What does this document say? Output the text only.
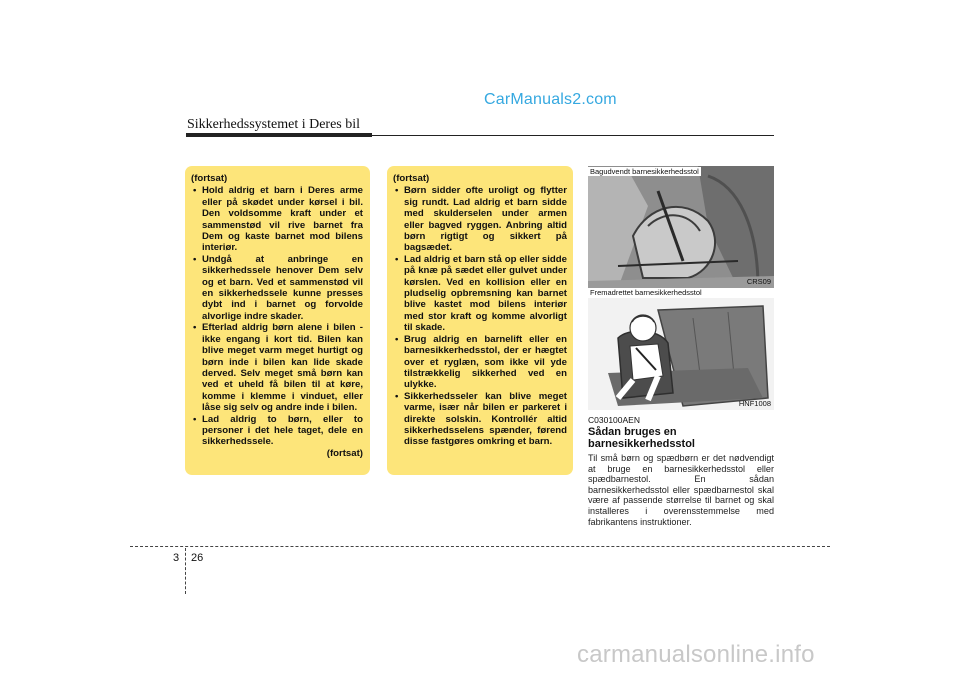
CarManuals2.com
Sikkerhedssystemet i Deres bil
(fortsat)
• Hold aldrig et barn i Deres arme eller på skødet under kørsel i bil. Den voldsomme kraft under et sammenstød vil rive barnet fra Dem og kaste barnet mod bilens interiør.
• Undgå at anbringe en sikkerhedssele henover Dem selv og et barn. Ved et sammenstød vil en sikkerhedssele kunne presses dybt ind i barnet og forvolde alvorlige indre skader.
• Efterlad aldrig børn alene i bilen - ikke engang i kort tid. Bilen kan blive meget varm meget hurtigt og børn inde i bilen kan lide skade derved. Selv meget små børn kan ved et uheld få bilen til at køre, komme i klemme i vinduet, eller låse sig selv og andre inde i bilen.
• Lad aldrig to børn, eller to personer i det hele taget, dele en sikkerhedssele.
(fortsat)
(fortsat)
• Børn sidder ofte uroligt og flytter sig rundt. Lad aldrig et barn sidde med skulderselen under armen eller bagved ryggen. Anbring altid børn rigtigt og sikkert på bagsædet.
• Lad aldrig et barn stå op eller sidde på knæ på sædet eller gulvet under kørslen. Ved en kollision eller en pludselig opbremsning kan barnet blive kastet mod bilens interiør med stor kraft og komme alvorligt til skade.
• Brug aldrig en barnelift eller en barnesikkerhedsstol, der er hægtet over et ryglæn, som ikke vil yde tilstrækkelig sikkerhed ved en ulykke.
• Sikkerhedsseler kan blive meget varme, især når bilen er parkeret i direkte solskin. Kontrollér altid sikkerhedsselens spænder, førend disse fastgøres omkring et barn.
Bagudvendt barnesikkerhedsstol
CRS09
Fremadrettet barnesikkerhedsstol
HNF1008
C030100AEN
Sådan bruges en barnesikkerhedsstol
Til små børn og spædbørn er det nødvendigt at bruge en barnesikkerhedsstol eller spædbarnestol. En sådan barnesikkerhedsstol eller spædbarnestol skal være af passende størrelse til barnet og skal installeres i overensstemmelse med fabrikantens instruktioner.
3 26
carmanualsonline.info
